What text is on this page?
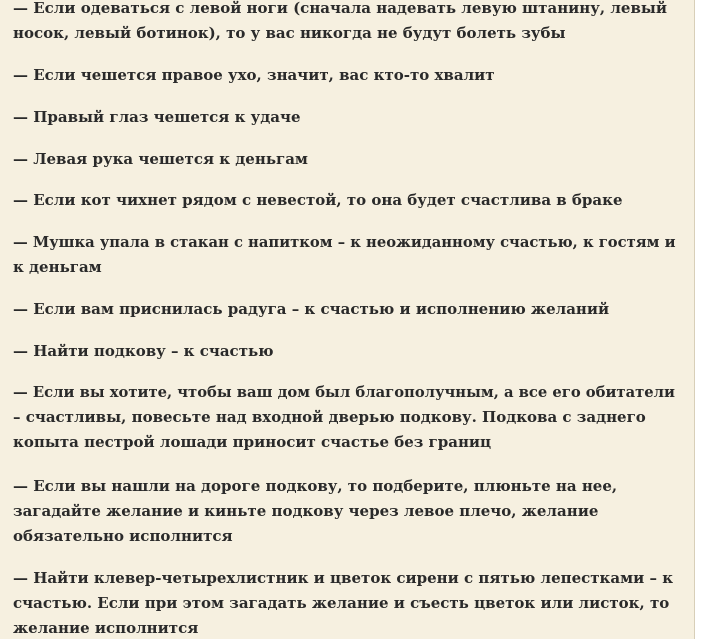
— Если одеваться с левой ноги (сначала надевать левую штанину, левый
носок, левый ботинок), то у вас никогда не будут болеть зубы

— Если чешется правое ухо, значит, вас кто-то хвалит

— Правый глаз чешется к удаче

— Левая рука чешется к деньгам

— Если кот чихнет рядом с невестой, то она будет счастлива в браке

— Мушка упала в стакан с напитком – к неожиданному счастью, к гостям и
к деньгам

— Если вам приснилась радуга – к счастью и исполнению желаний

— Найти подкову – к счастью

— Если вы хотите, чтобы ваш дом был благополучным, а все его обитатели
– счастливы, повесьте над входной дверью подкову. Подкова с заднего
копыта пестрой лошади приносит счастье без границ

— Если вы нашли на дороге подкову, то подберите, плюньте на нее,
загадайте желание и киньте подкову через левое плечо, желание
обязательно исполнится

— Найти клевер-четырехлистник и цветок сирени с пятью лепестками – к
счастью. Если при этом загадать желание и съесть цветок или листок, то
желание исполнится
